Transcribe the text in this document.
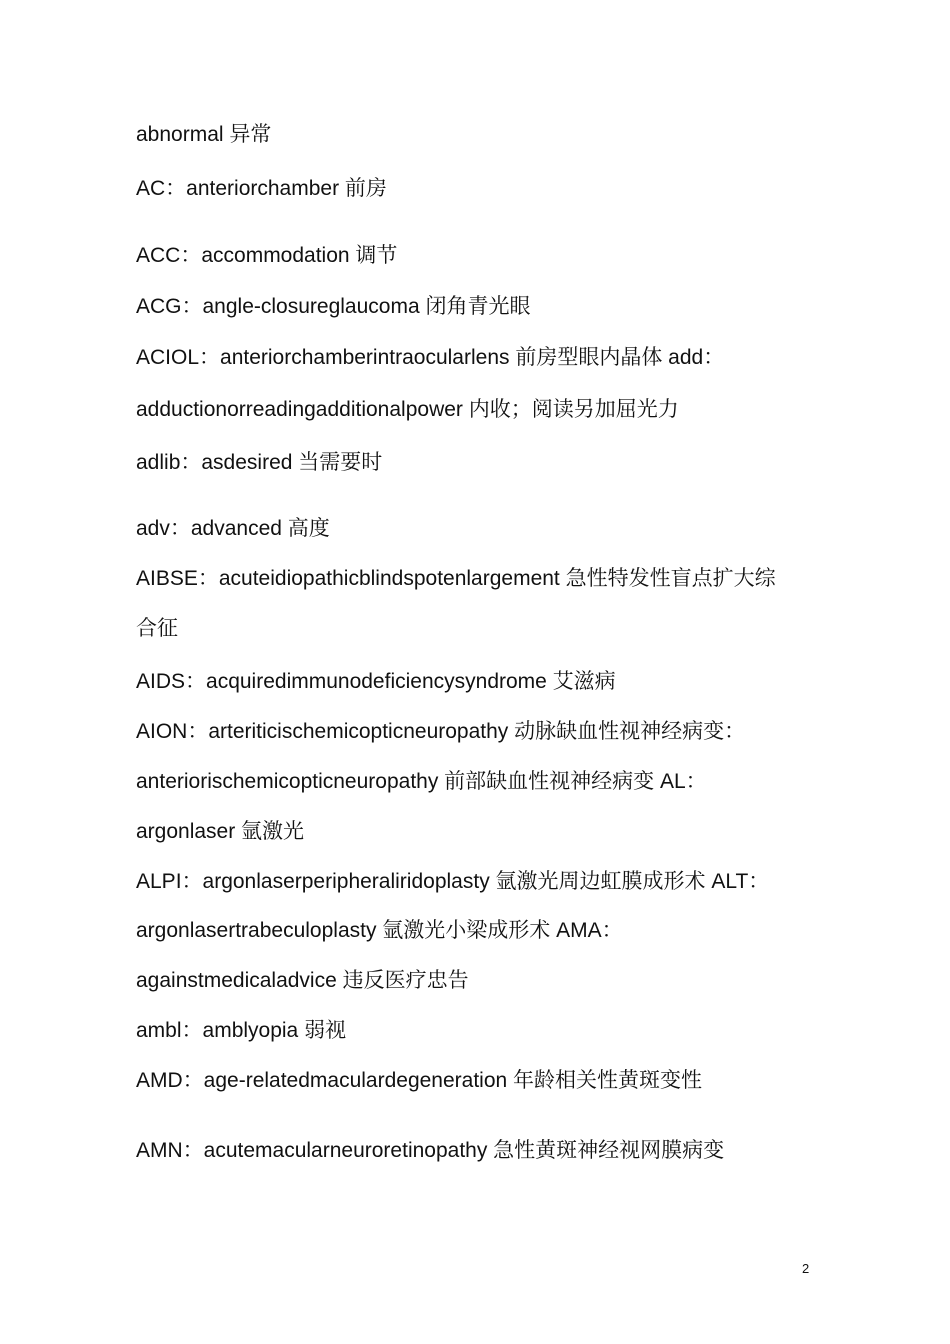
abnormal 异常

AC：anteriorchamber 前房

ACC：accommodation 调节

ACG：angle-closureglaucoma 闭角青光眼

ACIOL：anteriorchamberintraocularlens 前房型眼内晶体 add：

adductionorreadingadditionalpower 内收；阅读另加屈光力

adlib：asdesired 当需要时

adv：advanced 高度

AIBSE：acuteidiopathicblindspotenlargement 急性特发性盲点扩大综

合征

AIDS：acquiredimmunodeficiencysyndrome 艾滋病

AION：arteriticischemicopticneuropathy 动脉缺血性视神经病变：

anteriorischemicopticneuropathy 前部缺血性视神经病变 AL：

argonlaser 氩激光

ALPI：argonlaserperipheraliridoplasty 氩激光周边虹膜成形术 ALT：

argonlasertrabeculoplasty 氩激光小梁成形术 AMA：

againstmedicaladvice 违反医疗忠告

ambl：amblyopia 弱视

AMD：age-relatedmaculardegeneration 年龄相关性黄斑变性

AMN：acutemacularneuroretinopathy 急性黄斑神经视网膜病变

2
